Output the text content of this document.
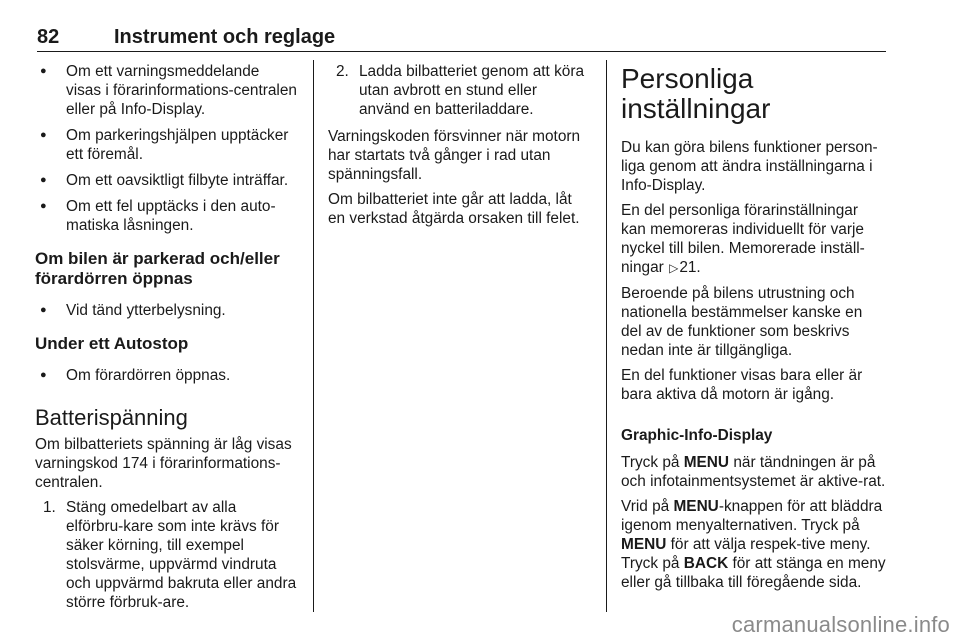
82	Instrument och reglage
● Om ett varningsmeddelande visas i förarinformations-centralen eller på Info-Display.
● Om parkeringshjälpen upptäcker ett föremål.
● Om ett oavsiktligt filbyte inträffar.
● Om ett fel upptäcks i den auto-matiska låsningen.
Om bilen är parkerad och/eller förardörren öppnas
● Vid tänd ytterbelysning.
Under ett Autostop
● Om förardörren öppnas.
Batterispänning

Om bilbatteriets spänning är låg visas varningskod 174 i förarinformations-centralen.

1. Stäng omedelbart av alla elförbru-kare som inte krävs för säker körning, till exempel stolsvärme, uppvärmd vindruta och uppvärmd bakruta eller andra större förbruk-are.
2. Ladda bilbatteriet genom att köra utan avbrott en stund eller använd en batteriladdare.

Varningskoden försvinner när motorn har startats två gånger i rad utan spänningsfall.

Om bilbatteriet inte går att ladda, låt en verkstad åtgärda orsaken till felet.

Personliga inställningar

Du kan göra bilens funktioner person-liga genom att ändra inställningarna i Info-Display.

En del personliga förarinställningar kan memoreras individuellt för varje nyckel till bilen. Memorerade inställ-ningar ▷21.

Beroende på bilens utrustning och nationella bestämmelser kanske en del av de funktioner som beskrivs nedan inte är tillgängliga.

En del funktioner visas bara eller är bara aktiva då motorn är igång.

Graphic-Info-Display

Tryck på MENU när tändningen är på och infotainmentsystemet är aktive-rat.

Vrid på MENU-knappen för att bläddra igenom menyalternativen. Tryck på MENU för att välja respek-tive meny. Tryck på BACK för att stänga en meny eller gå tillbaka till föregående sida.

carmanualsonline.info
